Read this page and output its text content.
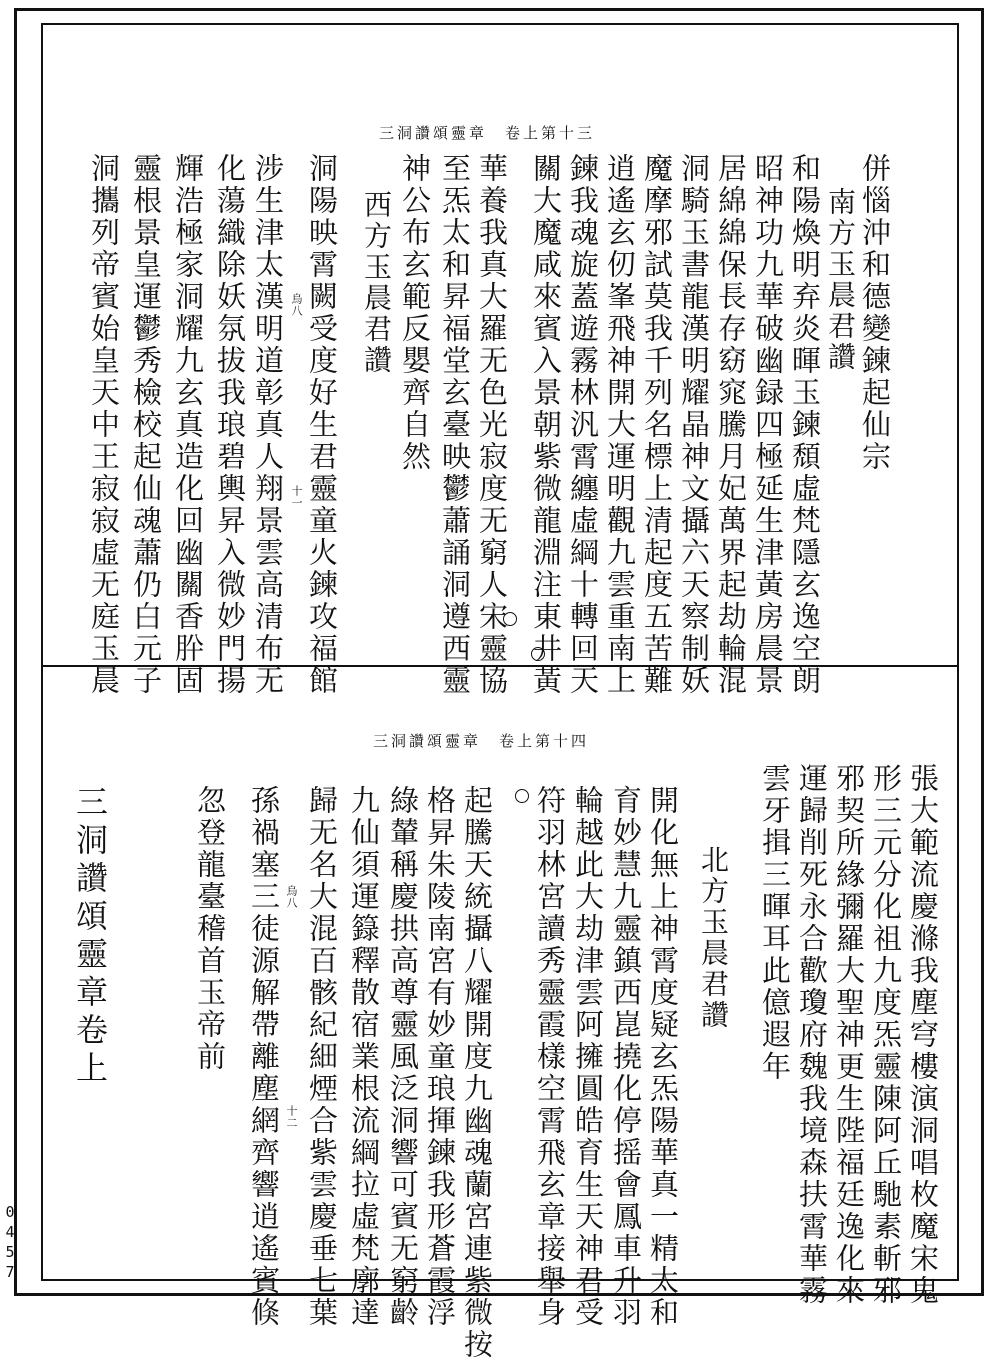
三洞讚頌靈章　卷上第十三
併惱沖和德變鍊起仙宗
南方玉晨君讚
和陽煥明弃炎暉玉鍊頹虛梵隱玄逸空朗
昭神功九華破幽録四極延生津黃房晨景
居綿綿保長存窈窕騰月妃萬界起劫輪混
洞騎玉書龍漢明耀晶神文攝六天察制妖
魔摩邪試莫我千列名標上清起度五苦難
逍遙玄仞峯飛神開大運明觀九雲重南上
鍊我魂旋蓋遊霧林汎霄纏虛綱十轉回天
關大魔咸來賓入景朝紫微龍淵注東井黃
華養我真大羅无色光寂度无窮人宋靈協
至炁太和昇福堂玄臺映鬱蕭誦洞遵西靈
神公布玄範反嬰齊自然
西方玉晨君讚
洞陽映霄闕受度好生君靈童火鍊攻福館
涉生津太漢明道彰真人翔景雲高清布无
化蕩織除妖氛拔我琅碧輿昇入微妙門揚
輝浩極家洞耀九玄真造化回幽關香肸固
靈根景皇運鬱秀檢校起仙魂蕭仍白元子
洞攜列帝賓始皇天中王寂寂虛无庭玉晨	烏八
十一
三洞讚頌靈章　卷上第十四
張大範流慶滌我塵穹樓演洞唱枚魔宋鬼
形三元分化祖九度炁靈陳阿丘馳素斬邪
邪契所緣彌羅大聖神更生陛福廷逸化來
運歸削死永合歡瓊府魏我境森扶霄華霧
雲牙揖三暉耳此億遐年
北方玉晨君讚
開化無上神霄度疑玄炁陽華真一精太和
育妙慧九靈鎮西崑撓化停摇會鳳車升羽
輪越此大劫津雲阿擁圓皓育生天神君受
符羽林宮讀秀靈霞樣空霄飛玄章接舉身
起騰天統攝八耀開度九幽魂蘭宮連紫微按
格昇朱陵南宮有妙童琅揮鍊我形蒼霞浮
綠輦稱慶拱高尊靈風泛洞響可賓无窮齡
九仙須運籙釋散宿業根流綱拉虛梵廓達
歸无名大混百骸紀細煙合紫雲慶垂七葉
孫禍塞三徒源解帶離塵網齊響逍遙賓倏
忽登龍臺稽首玉帝前
三洞讚頌靈章卷上	烏八
十二
0457
